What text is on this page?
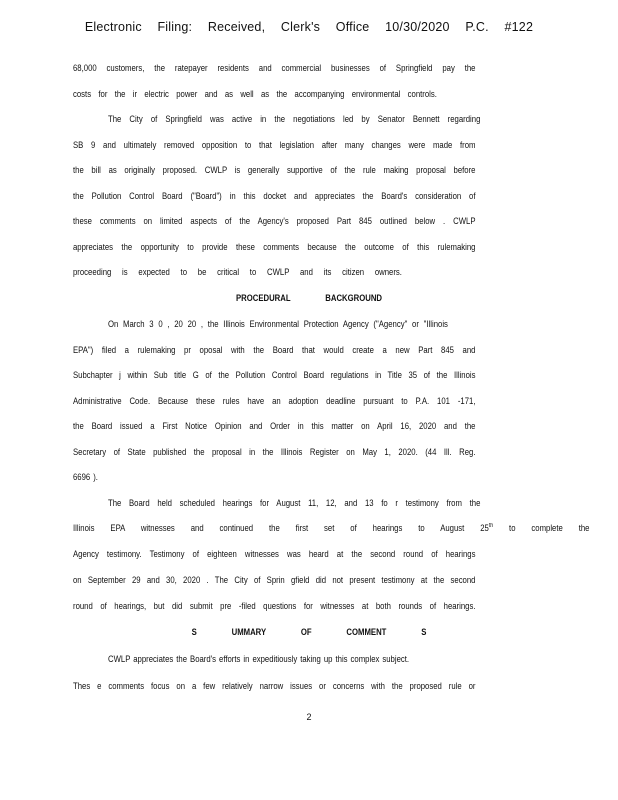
Electronic Filing: Received, Clerk's Office 10/30/2020 P.C. #122
68,000 customers, the ratepayer residents and commercial businesses of Springfield pay the
costs for the ir electric power and as well as the accompanying environmental controls.
The City of Springfield was active in the negotiations led by Senator Bennett regarding
SB 9 and ultimately removed opposition to that legislation after many changes were made from
the bill as originally proposed. CWLP is generally supportive of the rule making proposal before
the Pollution Control Board ("Board") in this docket and appreciates the Board's consideration of
these comments on limited aspects of the Agency's proposed Part 845 outlined below . CWLP
appreciates the opportunity to provide these comments because the outcome of this rulemaking
proceeding is expected to be critical to CWLP and its citizen owners.
PROCEDURAL BACKGROUND
On March 3 0 , 20 20 , the Illinois Environmental Protection Agency ("Agency" or "Illinois
EPA") filed a rulemaking pr oposal with the Board that would create a new Part 845 and
Subchapter j within Sub title G of the Pollution Control Board regulations in Title 35 of the Illinois
Administrative Code. Because these rules have an adoption deadline pursuant to P.A. 101 -171,
the Board issued a First Notice Opinion and Order in this matter on April 16, 2020 and the
Secretary of State published the proposal in the Illinois Register on May 1, 2020. (44 Ill. Reg.
6696 ).
The Board held scheduled hearings for August 11, 12, and 13 fo r testimony from the
Illinois EPA witnesses and continued the first set of hearings to August 25th to complete the
Agency testimony. Testimony of eighteen witnesses was heard at the second round of hearings
on September 29 and 30, 2020 . The City of Sprin gfield did not present testimony at the second
round of hearings, but did submit pre -filed questions for witnesses at both rounds of hearings.
S UMMARY OF COMMENT S
CWLP appreciates the Board's efforts in expeditiously taking up this complex subject.
Thes e comments focus on a few relatively narrow issues or concerns with the proposed rule or
2
